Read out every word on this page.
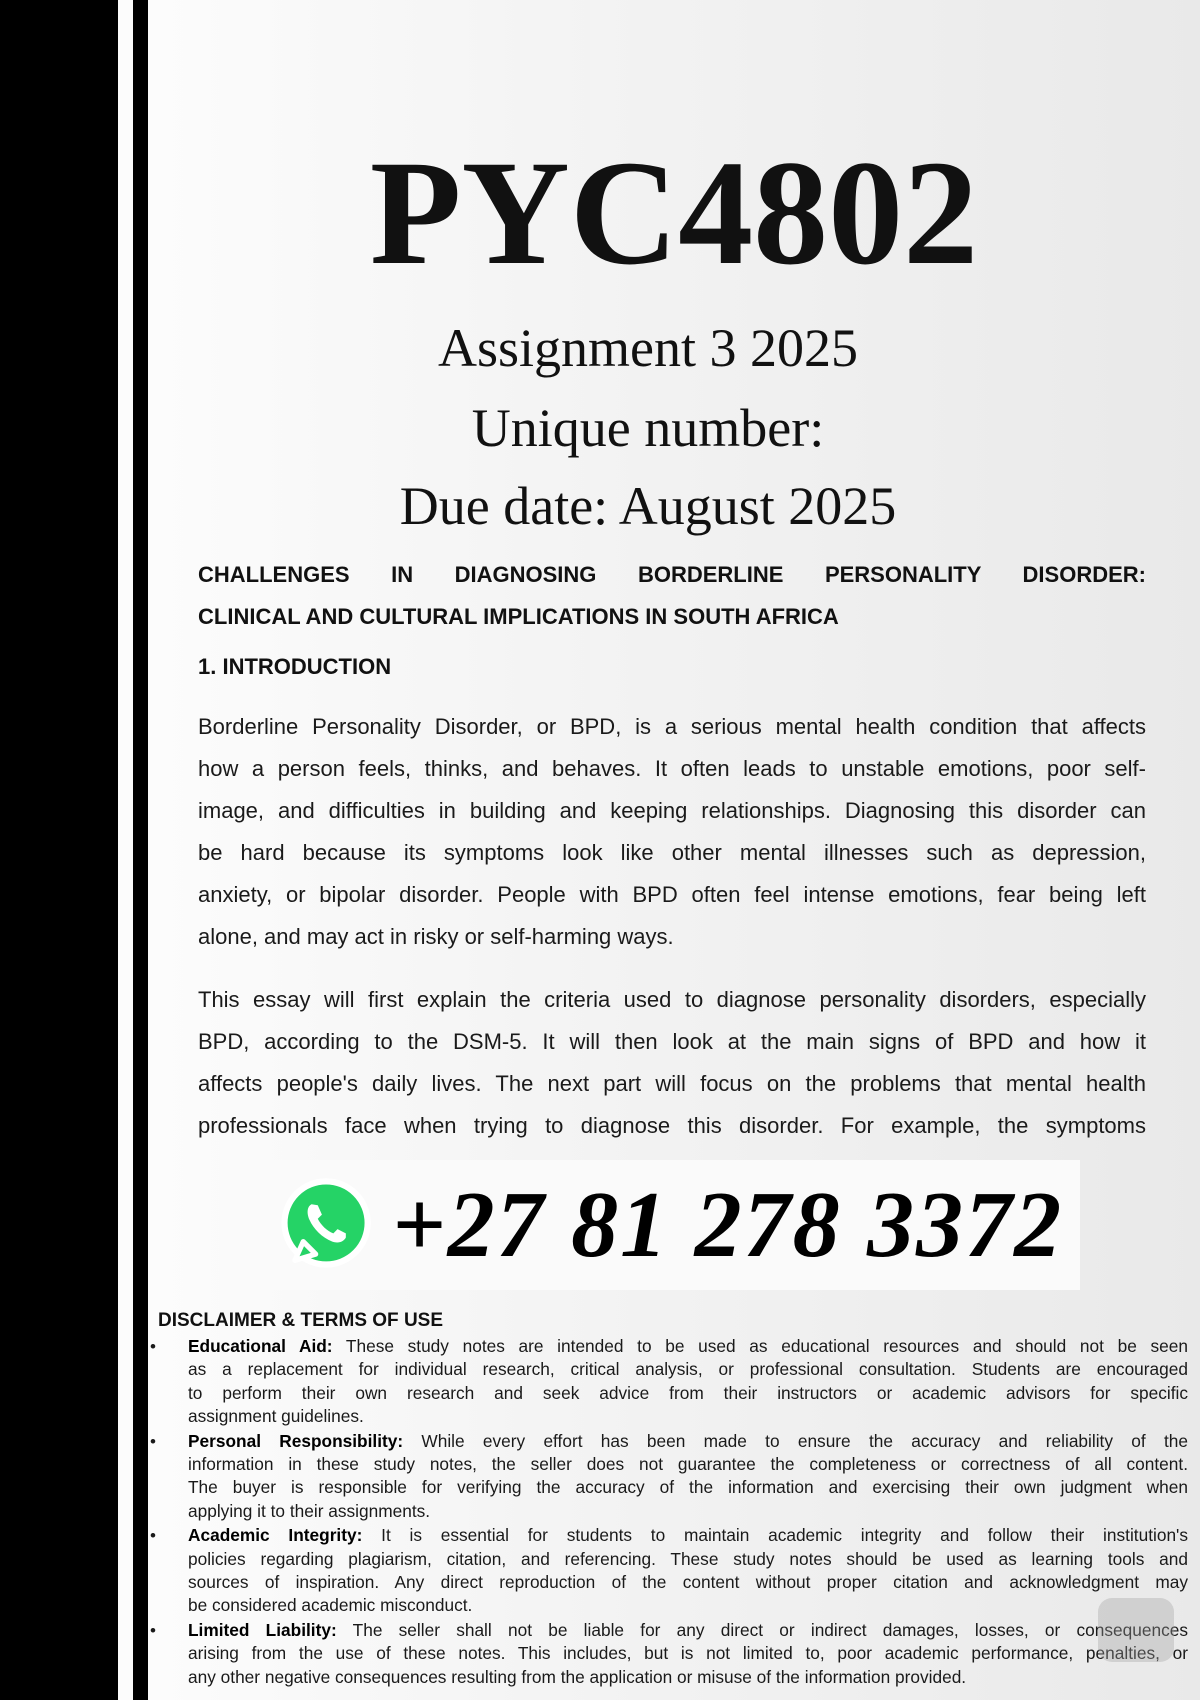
PYC4802
Assignment 3 2025
Unique number:
Due date: August 2025
CHALLENGES IN DIAGNOSING BORDERLINE PERSONALITY DISORDER:
CLINICAL AND CULTURAL IMPLICATIONS IN SOUTH AFRICA
1. INTRODUCTION
Borderline Personality Disorder, or BPD, is a serious mental health condition that affects
how a person feels, thinks, and behaves. It often leads to unstable emotions, poor self-
image, and difficulties in building and keeping relationships. Diagnosing this disorder can
be hard because its symptoms look like other mental illnesses such as depression,
anxiety, or bipolar disorder. People with BPD often feel intense emotions, fear being left
alone, and may act in risky or self-harming ways.
This essay will first explain the criteria used to diagnose personality disorders, especially
BPD, according to the DSM-5. It will then look at the main signs of BPD and how it
affects people's daily lives. The next part will focus on the problems that mental health
professionals face when trying to diagnose this disorder. For example, the symptoms
+27 81 278 3372
DISCLAIMER & TERMS OF USE
• Educational Aid: These study notes are intended to be used as educational resources and should not be seen
as a replacement for individual research, critical analysis, or professional consultation. Students are encouraged
to perform their own research and seek advice from their instructors or academic advisors for specific
assignment guidelines.
• Personal Responsibility: While every effort has been made to ensure the accuracy and reliability of the
information in these study notes, the seller does not guarantee the completeness or correctness of all content.
The buyer is responsible for verifying the accuracy of the information and exercising their own judgment when
applying it to their assignments.
• Academic Integrity: It is essential for students to maintain academic integrity and follow their institution's
policies regarding plagiarism, citation, and referencing. These study notes should be used as learning tools and
sources of inspiration. Any direct reproduction of the content without proper citation and acknowledgment may
be considered academic misconduct.
• Limited Liability: The seller shall not be liable for any direct or indirect damages, losses, or consequences
arising from the use of these notes. This includes, but is not limited to, poor academic performance, penalties, or
any other negative consequences resulting from the application or misuse of the information provided.
